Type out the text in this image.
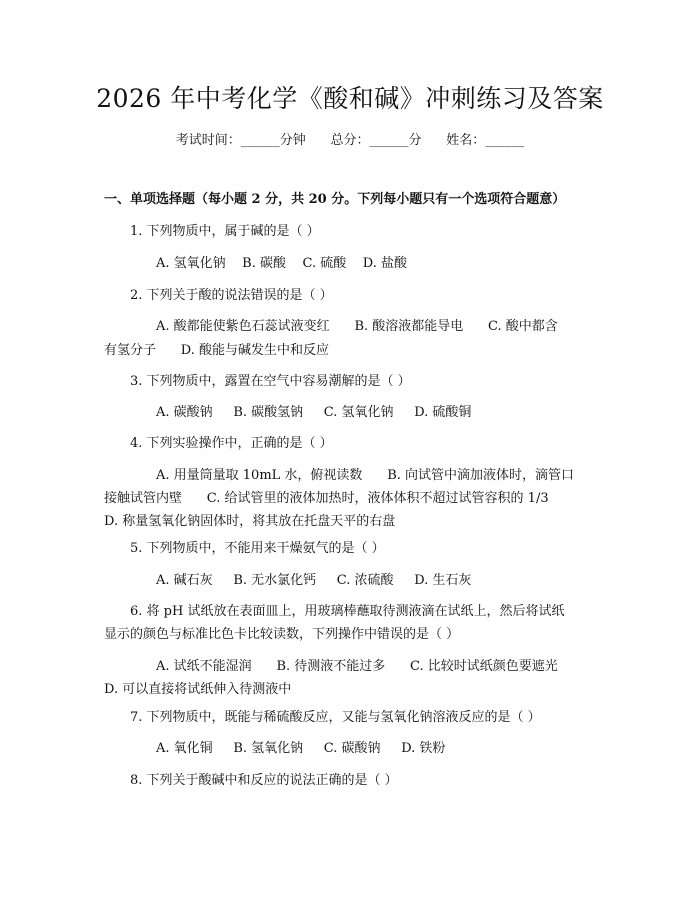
2026 年中考化学《酸和碱》冲刺练习及答案
考试时间：______分钟      总分：______分      姓名：______
一、单项选择题（每小题 2 分，共 20 分。下列每小题只有一个选项符合题意）
1. 下列物质中，属于碱的是（ ）
A. 氢氧化钠    B. 碳酸    C. 硫酸    D. 盐酸
2. 下列关于酸的说法错误的是（ ）
A. 酸都能使紫色石蕊试液变红      B. 酸溶液都能导电      C. 酸中都含
有氢分子      D. 酸能与碱发生中和反应
3. 下列物质中，露置在空气中容易潮解的是（ ）
A. 碳酸钠     B. 碳酸氢钠     C. 氢氧化钠     D. 硫酸铜
4. 下列实验操作中，正确的是（ ）
A. 用量筒量取 10mL 水，俯视读数      B. 向试管中滴加液体时，滴管口
接触试管内壁      C. 给试管里的液体加热时，液体体积不超过试管容积的 1/3
D. 称量氢氧化钠固体时，将其放在托盘天平的右盘
5. 下列物质中，不能用来干燥氨气的是（ ）
A. 碱石灰     B. 无水氯化钙     C. 浓硫酸     D. 生石灰
6. 将 pH 试纸放在表面皿上，用玻璃棒蘸取待测液滴在试纸上，然后将试纸
显示的颜色与标准比色卡比较读数，下列操作中错误的是（ ）
A. 试纸不能湿润      B. 待测液不能过多      C. 比较时试纸颜色要遮光
D. 可以直接将试纸伸入待测液中
7. 下列物质中，既能与稀硫酸反应，又能与氢氧化钠溶液反应的是（ ）
A. 氧化铜     B. 氢氧化钠     C. 碳酸钠     D. 铁粉
8. 下列关于酸碱中和反应的说法正确的是（ ）
